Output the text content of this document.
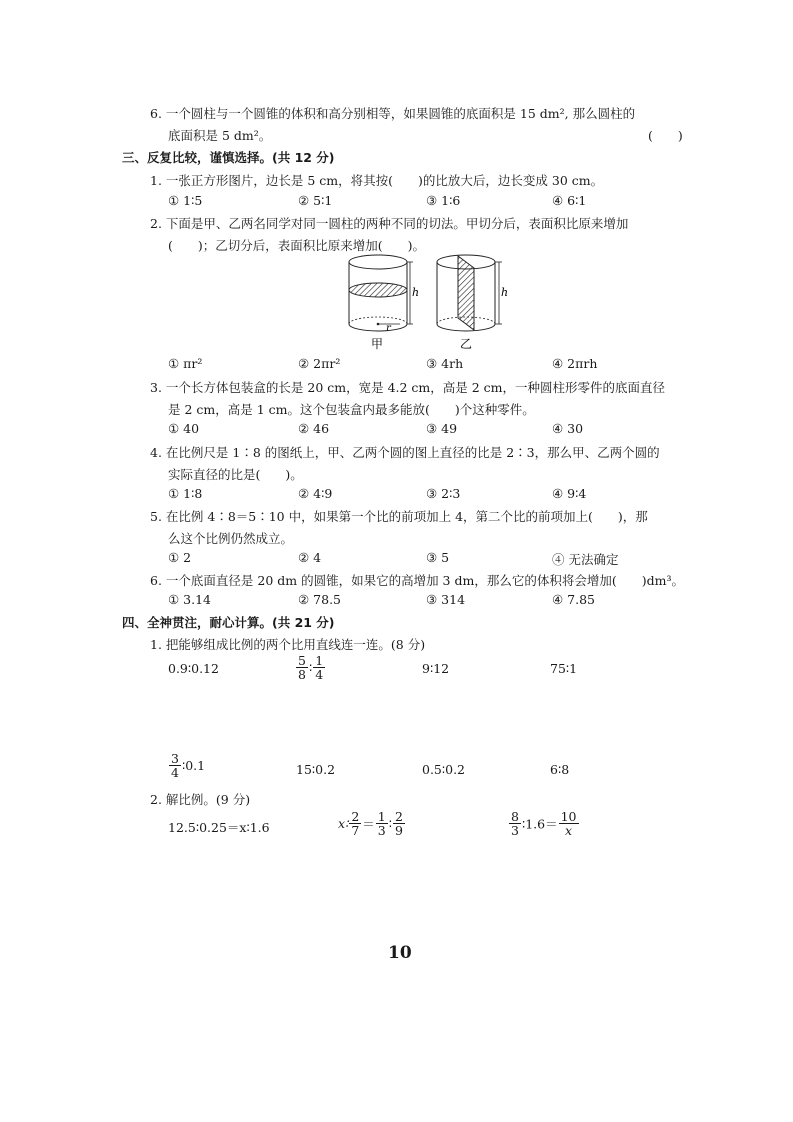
6. 一个圆柱与一个圆锥的体积和高分别相等，如果圆锥的底面积是 15 dm², 那么圆柱的
底面积是 5 dm²。	(　　)
三、反复比较，谨慎选择。(共 12 分)
1. 一张正方形图片，边长是 5 cm，将其按(　　)的比放大后，边长变成 30 cm。
① 1∶5	② 5∶1	③ 1∶6	④ 6∶1
2. 下面是甲、乙两名同学对同一圆柱的两种不同的切法。甲切分后，表面积比原来增加
(　　)；乙切分后，表面积比原来增加(　　)。
h
r
甲
h
乙
① πr²	② 2πr²	③ 4rh	④ 2πrh
3. 一个长方体包装盒的长是 20 cm，宽是 4.2 cm，高是 2 cm，一种圆柱形零件的底面直径
是 2 cm，高是 1 cm。这个包装盒内最多能放(　　)个这种零件。
① 40	② 46	③ 49	④ 30
4. 在比例尺是 1∶8 的图纸上，甲、乙两个圆的图上直径的比是 2∶3，那么甲、乙两个圆的
实际直径的比是(　　)。
① 1∶8	② 4∶9	③ 2∶3	④ 9∶4
5. 在比例 4∶8＝5∶10 中，如果第一个比的前项加上 4，第二个比的前项加上(　　)，那
么这个比例仍然成立。
① 2	② 4	③ 5	④ 无法确定
6. 一个底面直径是 20 dm 的圆锥，如果它的高增加 3 dm，那么它的体积将会增加(　　)dm³。
① 3.14	② 78.5	③ 314	④ 7.85
四、全神贯注，耐心计算。(共 21 分)
1. 把能够组成比例的两个比用直线连一连。(8 分)
0.9∶0.12	$\frac{5}{8}$ ∶ $\frac{1}{4}$	9∶12	75∶1
$\frac{3}{4}$ ∶0.1	15∶0.2	0.5∶0.2	6∶8
2. 解比例。(9 分)
12.5∶0.25＝x∶1.6	x∶ $\frac{2}{7} = \frac{1}{3}$ ∶ $\frac{2}{9}$	$\frac{8}{3}$ ∶1.6＝ $\frac{10}{x}$
10
